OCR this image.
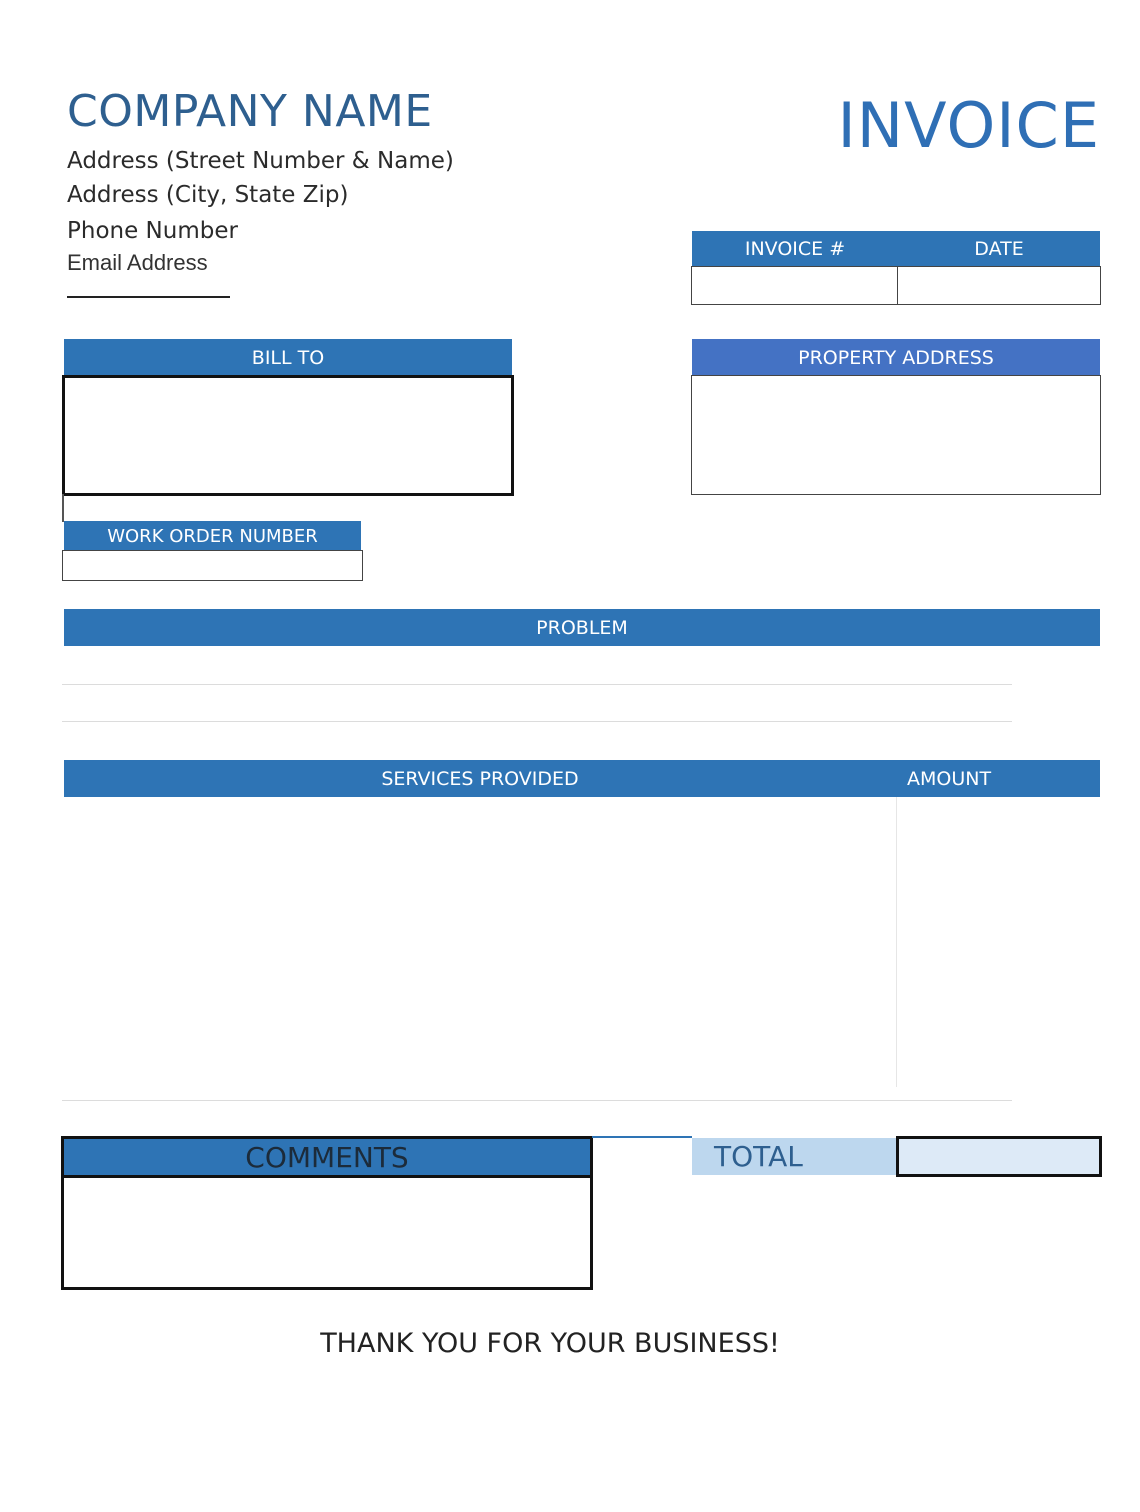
COMPANY NAME
Address (Street Number & Name)
Address (City, State Zip)
Phone Number
Email Address
INVOICE
INVOICE #	DATE
BILL TO	PROPERTY ADDRESS
WORK ORDER NUMBER
PROBLEM
SERVICES PROVIDED	AMOUNT
COMMENTS	TOTAL
THANK YOU FOR YOUR BUSINESS!
